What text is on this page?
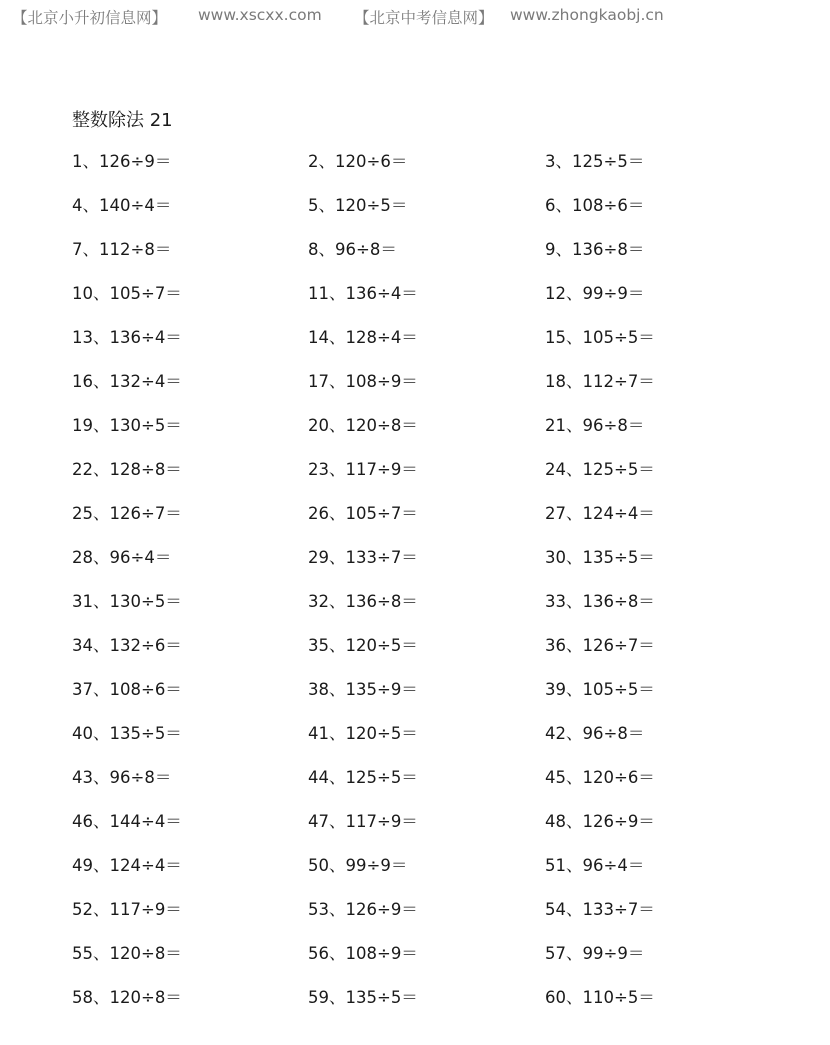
【北京小升初信息网】 www.xscxx.com 【北京中考信息网】 www.zhongkaobj.cn
整数除法 21
1、126÷9＝	2、120÷6＝	3、125÷5＝
4、140÷4＝	5、120÷5＝	6、108÷6＝
7、112÷8＝	8、96÷8＝	9、136÷8＝
10、105÷7＝	11、136÷4＝	12、99÷9＝
13、136÷4＝	14、128÷4＝	15、105÷5＝
16、132÷4＝	17、108÷9＝	18、112÷7＝
19、130÷5＝	20、120÷8＝	21、96÷8＝
22、128÷8＝	23、117÷9＝	24、125÷5＝
25、126÷7＝	26、105÷7＝	27、124÷4＝
28、96÷4＝	29、133÷7＝	30、135÷5＝
31、130÷5＝	32、136÷8＝	33、136÷8＝
34、132÷6＝	35、120÷5＝	36、126÷7＝
37、108÷6＝	38、135÷9＝	39、105÷5＝
40、135÷5＝	41、120÷5＝	42、96÷8＝
43、96÷8＝	44、125÷5＝	45、120÷6＝
46、144÷4＝	47、117÷9＝	48、126÷9＝
49、124÷4＝	50、99÷9＝	51、96÷4＝
52、117÷9＝	53、126÷9＝	54、133÷7＝
55、120÷8＝	56、108÷9＝	57、99÷9＝
58、120÷8＝	59、135÷5＝	60、110÷5＝
